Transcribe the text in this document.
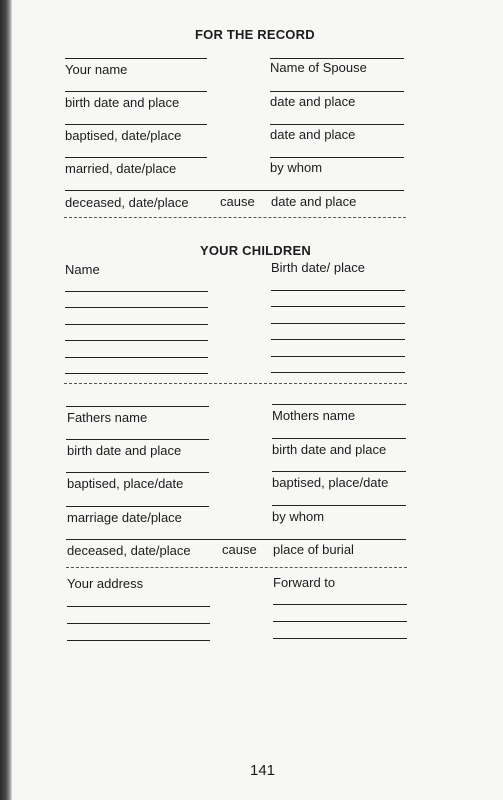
FOR THE RECORD
Your name	Name of Spouse
birth date and place	date and place
baptised, date/place	date and place
married, date/place	by whom
deceased, date/place cause date and place
YOUR CHILDREN
Name	Birth date/ place
Fathers name	Mothers name
birth date and place	birth date and place
baptised, place/date	baptised, place/date
marriage date/place	by whom
deceased, date/place cause place of burial
Your address	Forward to
141
